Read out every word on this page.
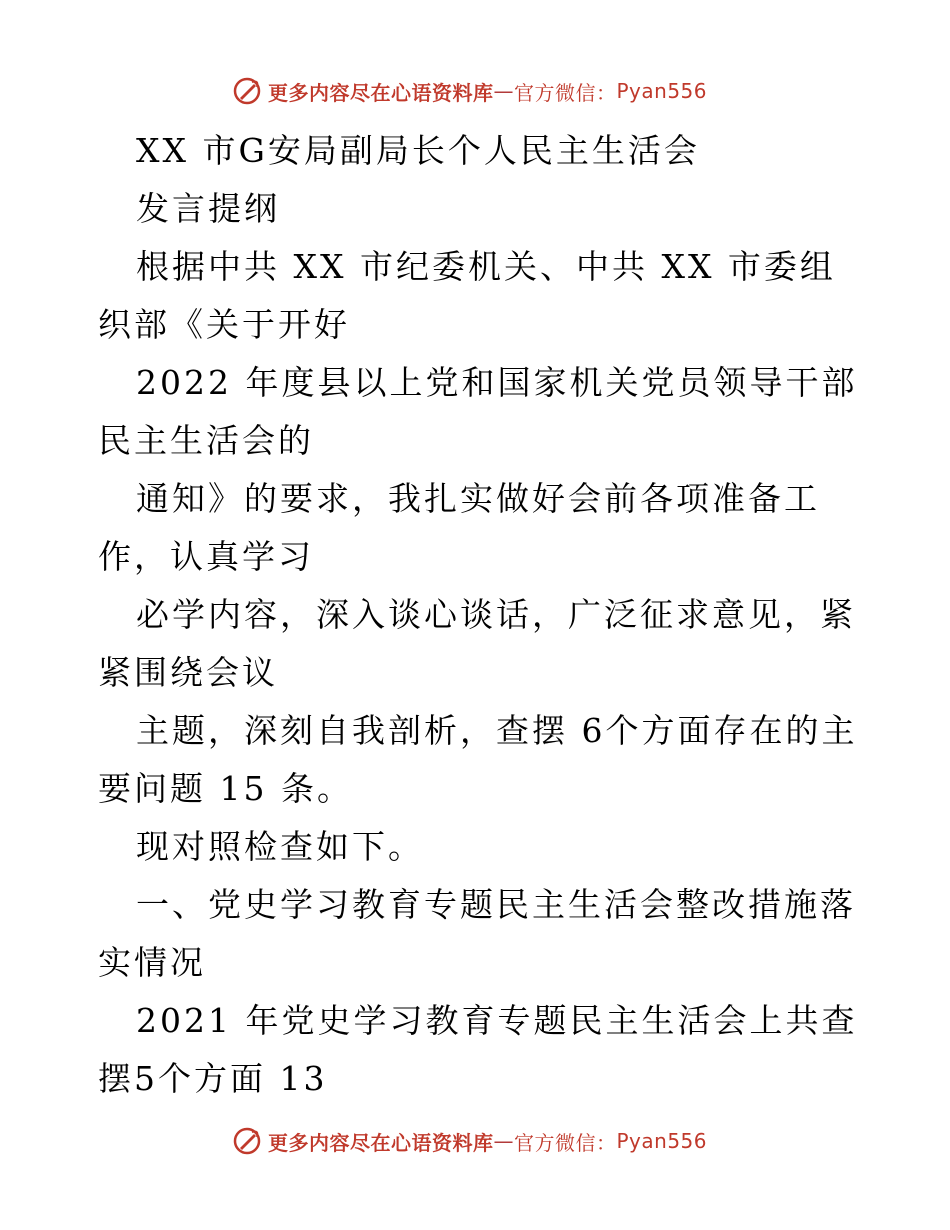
更多内容尽在心语资料库 — 官方微信： Pyan556

XX 市G安局副局长个人民主生活会

发言提纲

根据中共 XX 市纪委机关、中共 XX 市委组织部《关于开好

2022 年度县以上党和国家机关党员领导干部民主生活会的

通知》的要求，我扎实做好会前各项准备工作，认真学习

必学内容，深入谈心谈话，广泛征求意见，紧紧围绕会议

主题，深刻自我剖析，查摆 6个方面存在的主要问题 15 条。

现对照检查如下。

一、党史学习教育专题民主生活会整改措施落实情况

2021 年党史学习教育专题民主生活会上共查摆5个方面 13

更多内容尽在心语资料库 — 官方微信： Pyan556
